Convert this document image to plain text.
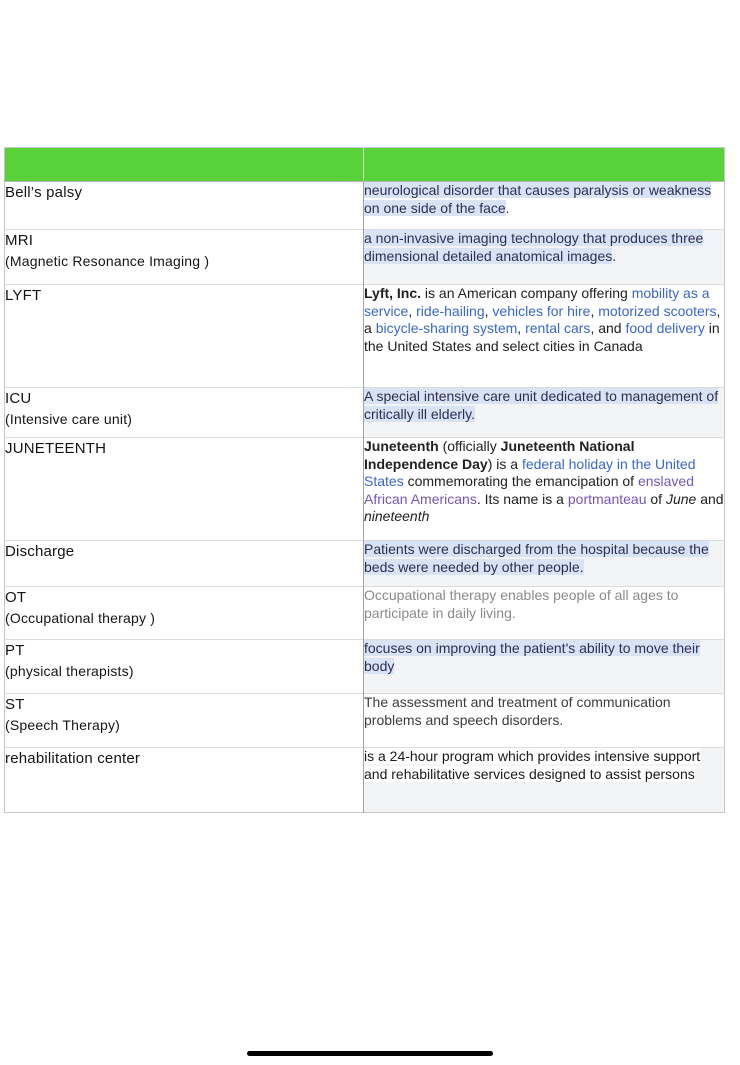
Bell’s palsy	neurological disorder that causes paralysis or weakness on one side of the face.

MRI
(Magnetic Resonance Imaging )	a non-invasive imaging technology that produces three dimensional detailed anatomical images.

LYFT	Lyft, Inc. is an American company offering mobility as a service, ride-hailing, vehicles for hire, motorized scooters, a bicycle-sharing system, rental cars, and food delivery in the United States and select cities in Canada

ICU
(Intensive care unit)	A special intensive care unit dedicated to management of critically ill elderly.

JUNETEENTH	Juneteenth (officially Juneteenth National Independence Day) is a federal holiday in the United States commemorating the emancipation of enslaved African Americans. Its name is a portmanteau of June and nineteenth

Discharge	Patients were discharged from the hospital because the beds were needed by other people.

OT
(Occupational therapy )	Occupational therapy enables people of all ages to participate in daily living.

PT
(physical therapists)	focuses on improving the patient's ability to move their body

ST
(Speech Therapy)	The assessment and treatment of communication problems and speech disorders.

rehabilitation center	is a 24-hour program which provides intensive support and rehabilitative services designed to assist persons
